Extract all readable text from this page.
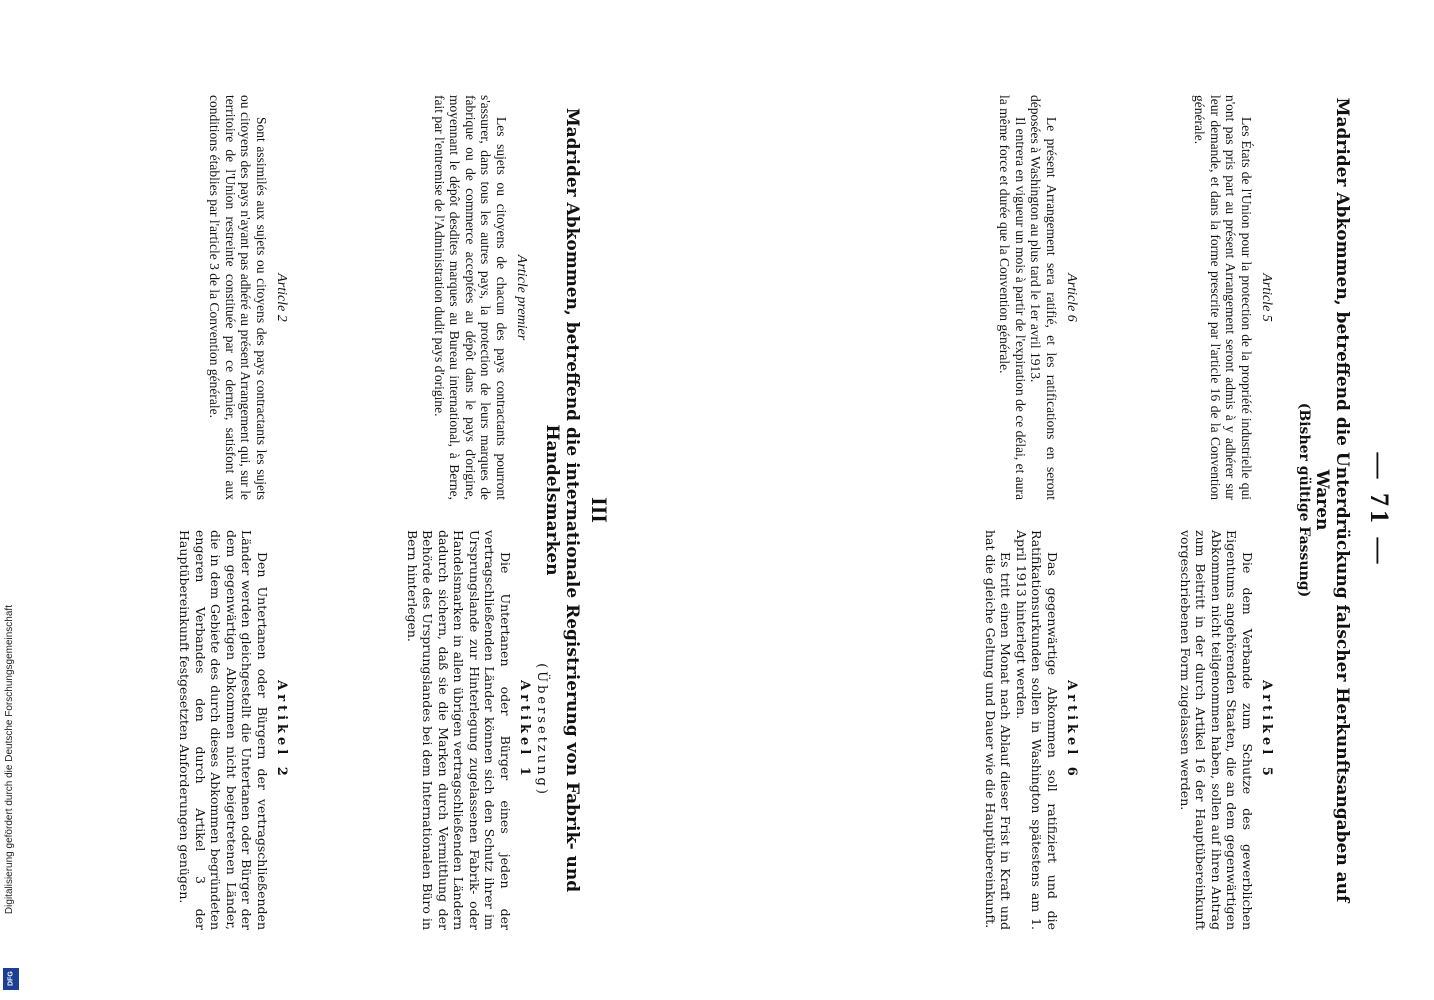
Digitalisierung gefördert durch die Deutsche Forschungsgemeinschaft
DFG
— 71 —
Madrider Abkommen, betreffend die Unterdrückung falscher Herkunftsangaben auf Waren
(Bisher gültige Fassung)
Article 5

Les États de l'Union pour la protection de la propriété industrielle qui n'ont pas pris part au présent Arrangement seront admis à y adhérer sur leur demande, et dans la forme prescrite par l'article 16 de la Convention générale.

Artikel 5

Die dem Verbande zum Schutze des gewerblichen Eigentums angehörenden Staaten, die an dem gegenwärtigen Abkommen nicht teilgenommen haben, sollen auf ihren Antrag zum Beitritt in der durch Artikel 16 der Hauptübereinkunft vorgeschriebenen Form zugelassen werden.

Article 6

Le présent Arrangement sera ratifié, et les ratifications en seront déposées à Washington au plus tard le 1er avril 1913.

Il entrera en vigueur un mois à partir de l'expiration de ce délai, et aura la même force et durée que la Convention générale.

Artikel 6

Das gegenwärtige Abkommen soll ratifiziert und die Ratifikationsurkunden sollen in Washington spätestens am 1. April 1913 hinterlegt werden.

Es tritt einen Monat nach Ablauf dieser Frist in Kraft und hat die gleiche Geltung und Dauer wie die Hauptübereinkunft.

III
Madrider Abkommen, betreffend die internationale Registrierung von Fabrik- und Handelsmarken
Article premier

Les sujets ou citoyens de chacun des pays contractants pourront s'assurer, dans tous les autres pays, la protection de leurs marques de fabrique ou de commerce acceptées au dépôt dans le pays d'origine, moyennant le dépôt desdites marques au Bureau international, à Berne, fait par l'entremise de l'Administration dudit pays d'origine.

(Übersetzung)
Artikel 1

Die Untertanen oder Bürger eines jeden der vertragschließenden Länder können sich den Schutz ihrer im Ursprungslande zur Hinterlegung zugelassenen Fabrik- oder Handelsmarken in allen übrigen vertragschließenden Ländern dadurch sichern, daß sie die Marken durch Vermittlung der Behörde des Ursprungslandes bei dem Internationalen Büro in Bern hinterlegen.

Article 2

Sont assimilés aux sujets ou citoyens des pays contractants les sujets ou citoyens des pays n'ayant pas adhéré au présent Arrangement qui, sur le territoire de l'Union restreinte constituée par ce dernier, satisfont aux conditions établies par l'article 3 de la Convention générale.

Artikel 2

Den Untertanen oder Bürgern der vertragschließenden Länder werden gleichgestellt die Untertanen oder Bürger der dem gegenwärtigen Abkommen nicht beigetretenen Länder, die in dem Gebiete des durch dieses Abkommen begründeten engeren Verbandes den durch Artikel 3 der Hauptübereinkunft festgesetzten Anforderungen genügen.
